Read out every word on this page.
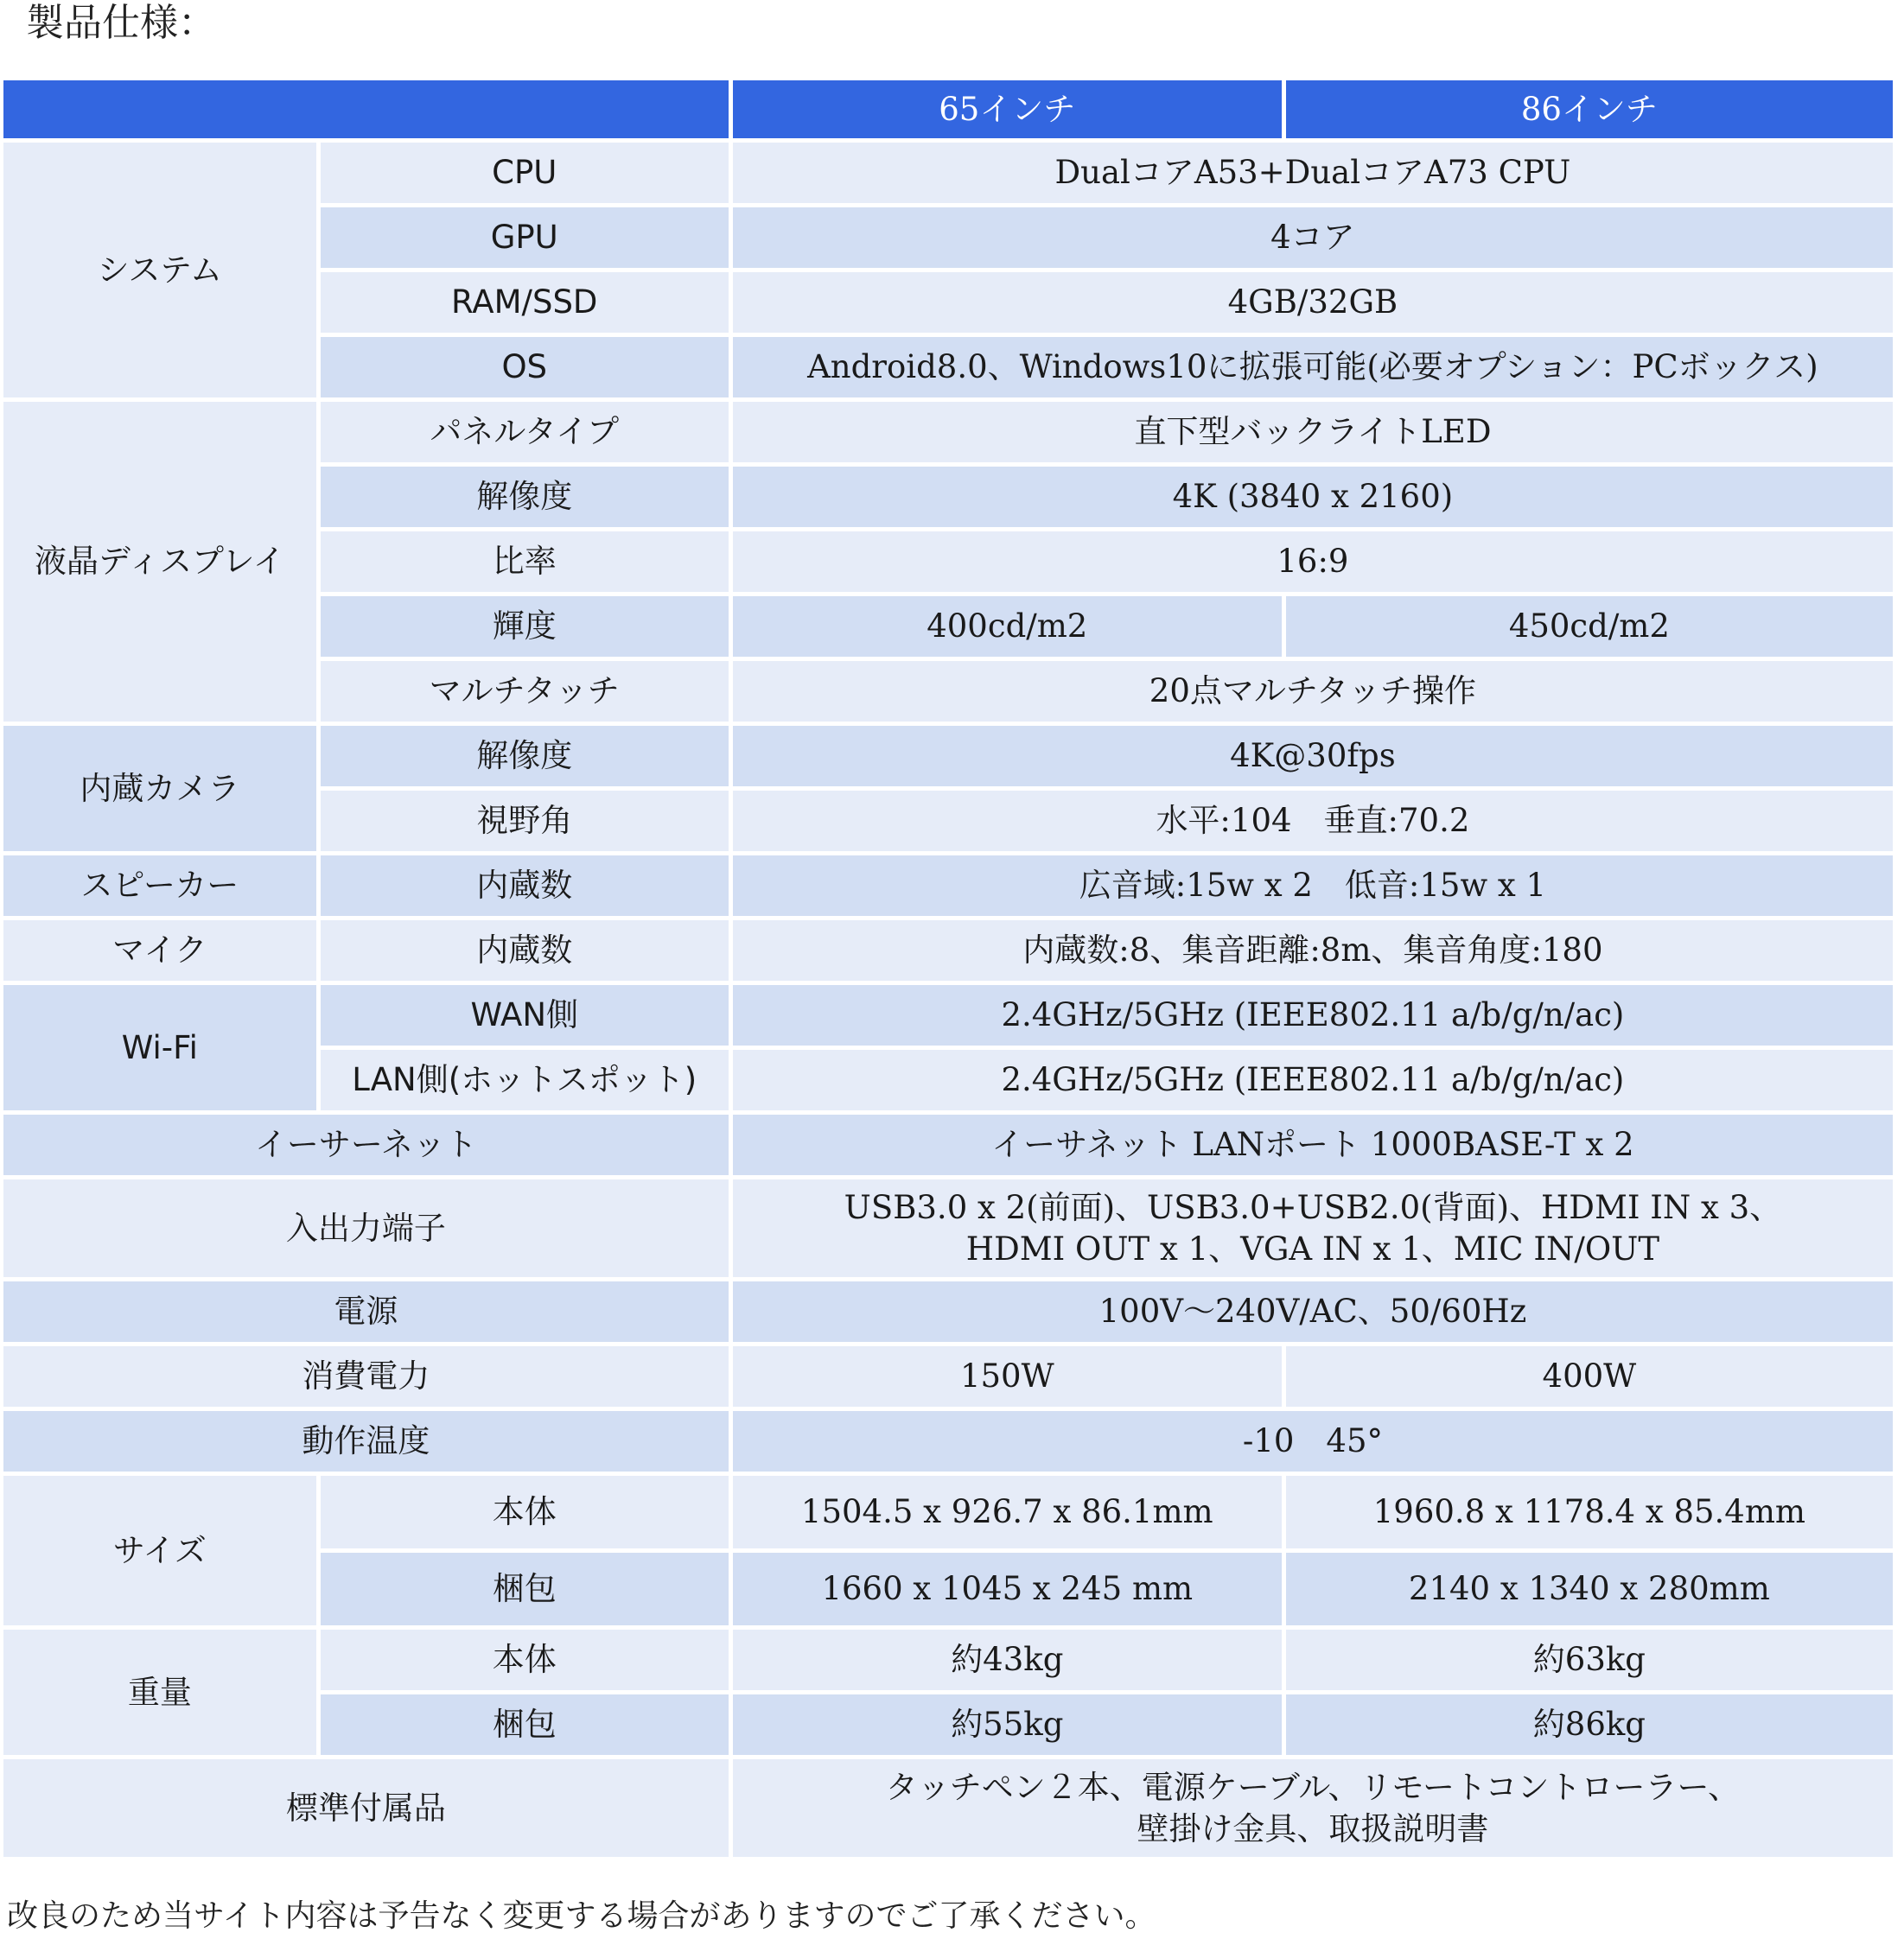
製品仕様：
		65インチ	86インチ
システム	CPU	DualコアA53+DualコアA73 CPU	
	GPU	4コア	
	RAM/SSD	4GB/32GB	
	OS	Android8.0、Windows10に拡張可能(必要オプション：PCボックス)	
液晶ディスプレイ	パネルタイプ	直下型バックライトLED	
	解像度	4K (3840 x 2160)	
	比率	16:9	
	輝度	400cd/m2	450cd/m2
	マルチタッチ	20点マルチタッチ操作	
内蔵カメラ	解像度	4K@30fps	
	視野角	水平:104　垂直:70.2	
スピーカー	内蔵数	広音域:15w x 2　低音:15w x 1	
マイク	内蔵数	内蔵数:8、集音距離:8m、集音角度:180	
Wi-Fi	WAN側	2.4GHz/5GHz (IEEE802.11 a/b/g/n/ac)	
	LAN側(ホットスポット)	2.4GHz/5GHz (IEEE802.11 a/b/g/n/ac)	
イーサーネット		イーサネット LANポート 1000BASE-T x 2	
入出力端子		USB3.0 x 2(前面)、USB3.0+USB2.0(背面)、HDMI IN x 3、
HDMI OUT x 1、VGA IN x 1、MIC IN/OUT	

電源		100V〜240V/AC、50/60Hz	
消費電力		150W	400W
動作温度		-10　45°	
サイズ	本体	1504.5 x 926.7 x 86.1mm	1960.8 x 1178.4 x 85.4mm
	梱包	1660 x 1045 x 245 mm	2140 x 1340 x 280mm
重量	本体	約43kg	約63kg
	梱包	約55kg	約86kg
標準付属品		タッチペン２本、電源ケーブル、リモートコントローラー、
壁掛け金具、取扱説明書	
改良のため当サイト内容は予告なく変更する場合がありますのでご了承ください。
